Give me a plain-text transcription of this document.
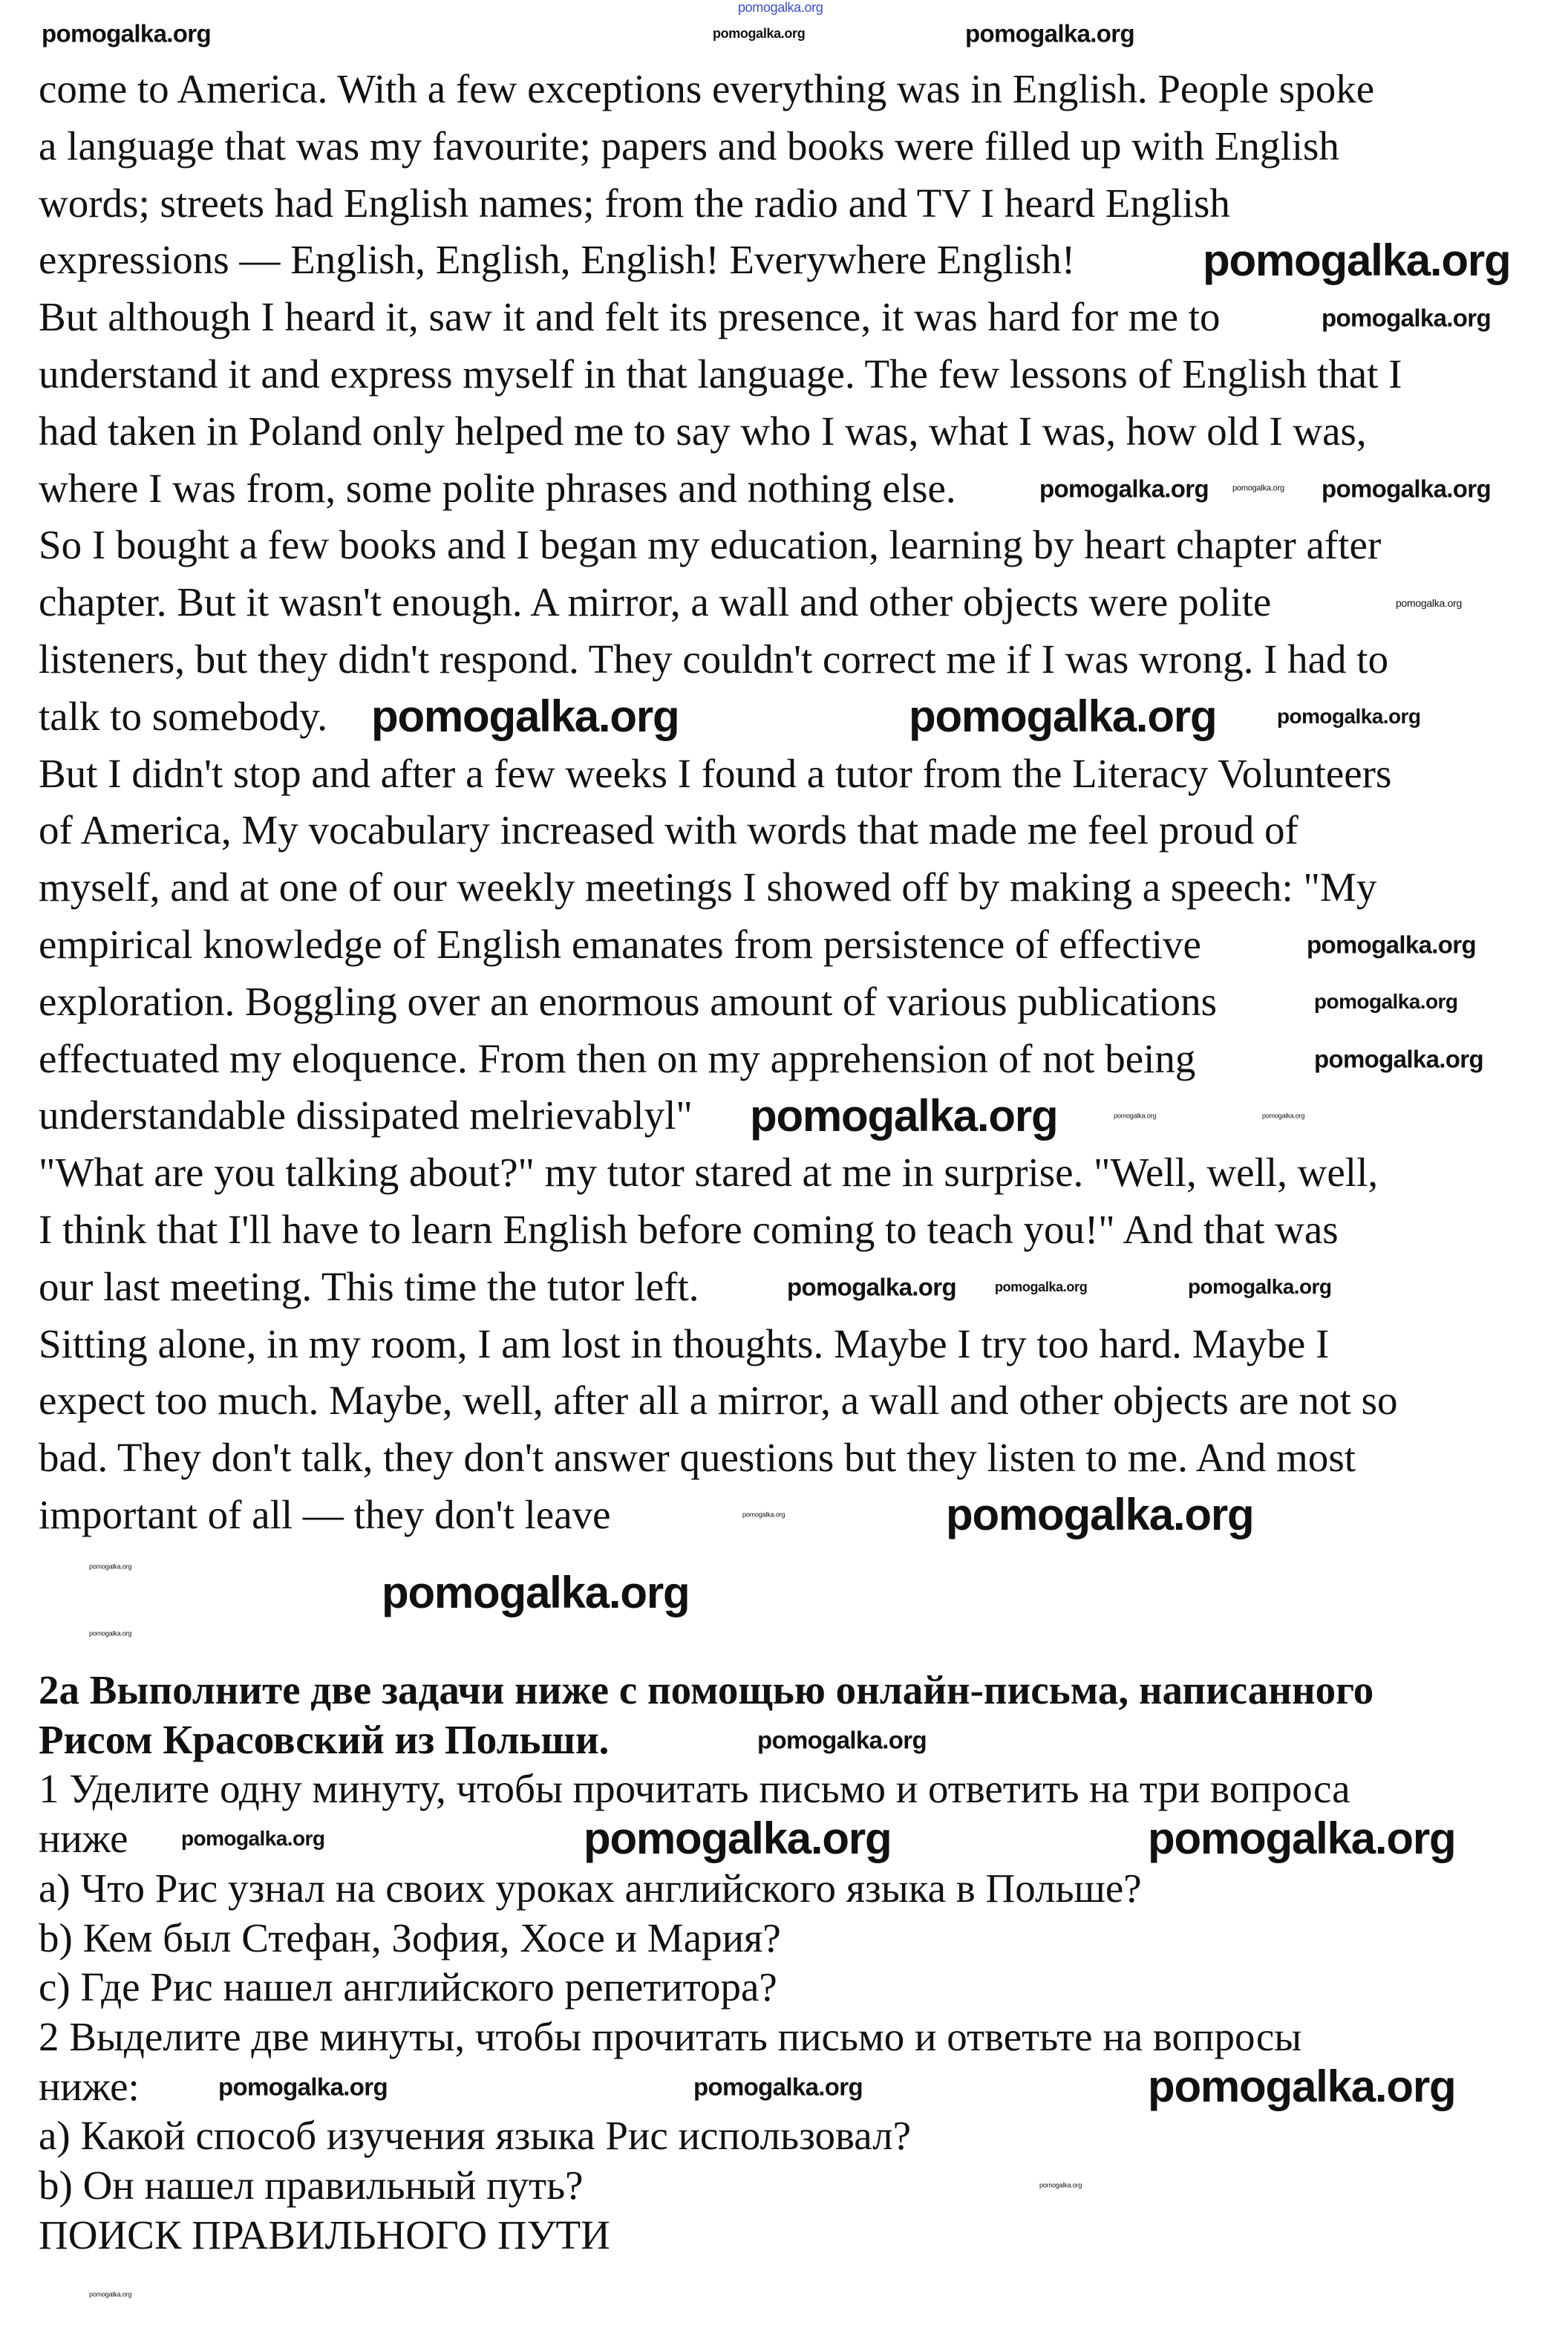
come to America. With a few exceptions everything was in English. People spoke
a language that was my favourite; papers and books were filled up with English
words; streets had English names; from the radio and TV I heard English
expressions — English, English, English! Everywhere English!
But although I heard it, saw it and felt its presence, it was hard for me to
understand it and express myself in that language. The few lessons of English that I
had taken in Poland only helped me to say who I was, what I was, how old I was,
where I was from, some polite phrases and nothing else.
So I bought a few books and I began my education, learning by heart chapter after
chapter. But it wasn't enough. A mirror, a wall and other objects were polite
listeners, but they didn't respond. They couldn't correct me if I was wrong. I had to
talk to somebody.
But I didn't stop and after a few weeks I found a tutor from the Literacy Volunteers
of America, My vocabulary increased with words that made me feel proud of
myself, and at one of our weekly meetings I showed off by making a speech: "My
empirical knowledge of English emanates from persistence of effective
exploration. Boggling over an enormous amount of various publications
effectuated my eloquence. From then on my apprehension of not being
understandable dissipated melrievablyl"
"What are you talking about?" my tutor stared at me in surprise. "Well, well, well,
I think that I'll have to learn English before coming to teach you!" And that was
our last meeting. This time the tutor left.
Sitting alone, in my room, I am lost in thoughts. Maybe I try too hard. Maybe I
expect too much. Maybe, well, after all a mirror, a wall and other objects are not so
bad. They don't talk, they don't answer questions but they listen to me. And most
important of all — they don't leave
2a Выполните две задачи ниже с помощью онлайн-письма, написанного
Рисом Красовский из Польши.
1 Уделите одну минуту, чтобы прочитать письмо и ответить на три вопроса
ниже
a) Что Рис узнал на своих уроках английского языка в Польше?
b) Кем был Стефан, Зофия, Хосе и Мария?
c) Где Рис нашел английского репетитора?
2 Выделите две минуты, чтобы прочитать письмо и ответьте на вопросы
ниже:
a) Какой способ изучения языка Рис использовал?
b) Он нашел правильный путь?
ПОИСК ПРАВИЛЬНОГО ПУТИ
pomogalka.org
pomogalka.org	pomogalka.org	pomogalka.org
pomogalka.org
pomogalka.org
pomogalka.org	pomogalka.org pomogalka.org
pomogalka.org
pomogalka.org	pomogalka.org	pomogalka.org
pomogalka.org
pomogalka.org
pomogalka.org
pomogalka.org	pomogalka.org	pomogalka.org
pomogalka.org	pomogalka.org	pomogalka.org
pomogalka.org	pomogalka.org
pomogalka.org
pomogalka.org
pomogalka.org
pomogalka.org
pomogalka.org	pomogalka.org	pomogalka.org
pomogalka.org	pomogalka.org	pomogalka.org
pomogalka.org
pomogalka.org
